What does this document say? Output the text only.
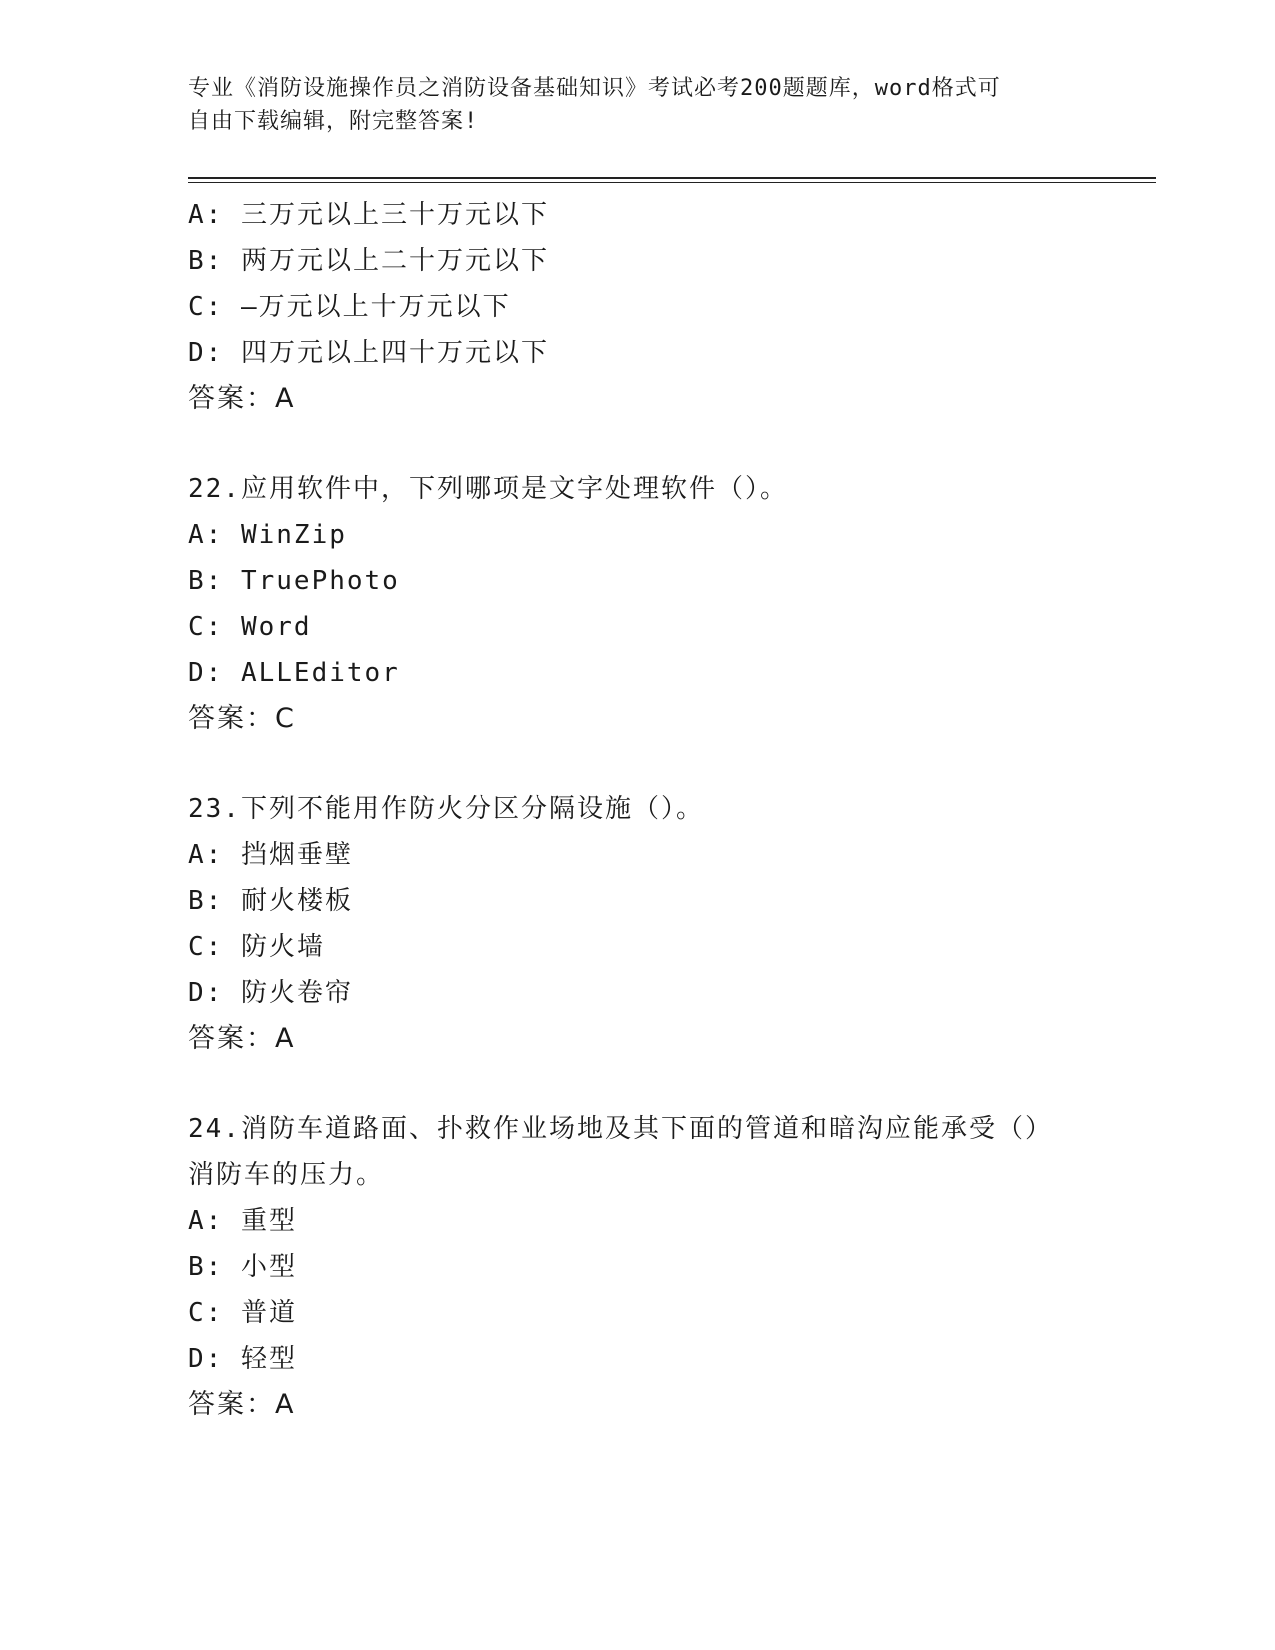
专业《消防设施操作员之消防设备基础知识》考试必考200题题库，word格式可
自由下载编辑，附完整答案!
A: 三万元以上三十万元以下
B: 两万元以上二十万元以下
C: —万元以上十万元以下
D: 四万元以上四十万元以下
答案：A
22.应用软件中，下列哪项是文字处理软件（）。
A: WinZip
B: TruePhoto
C: Word
D: ALLEditor
答案：C
23.下列不能用作防火分区分隔设施（）。
A: 挡烟垂壁
B: 耐火楼板
C: 防火墙
D: 防火卷帘
答案：A
24.消防车道路面、扑救作业场地及其下面的管道和暗沟应能承受（）
消防车的压力。
A: 重型
B: 小型
C: 普道
D: 轻型
答案：A
